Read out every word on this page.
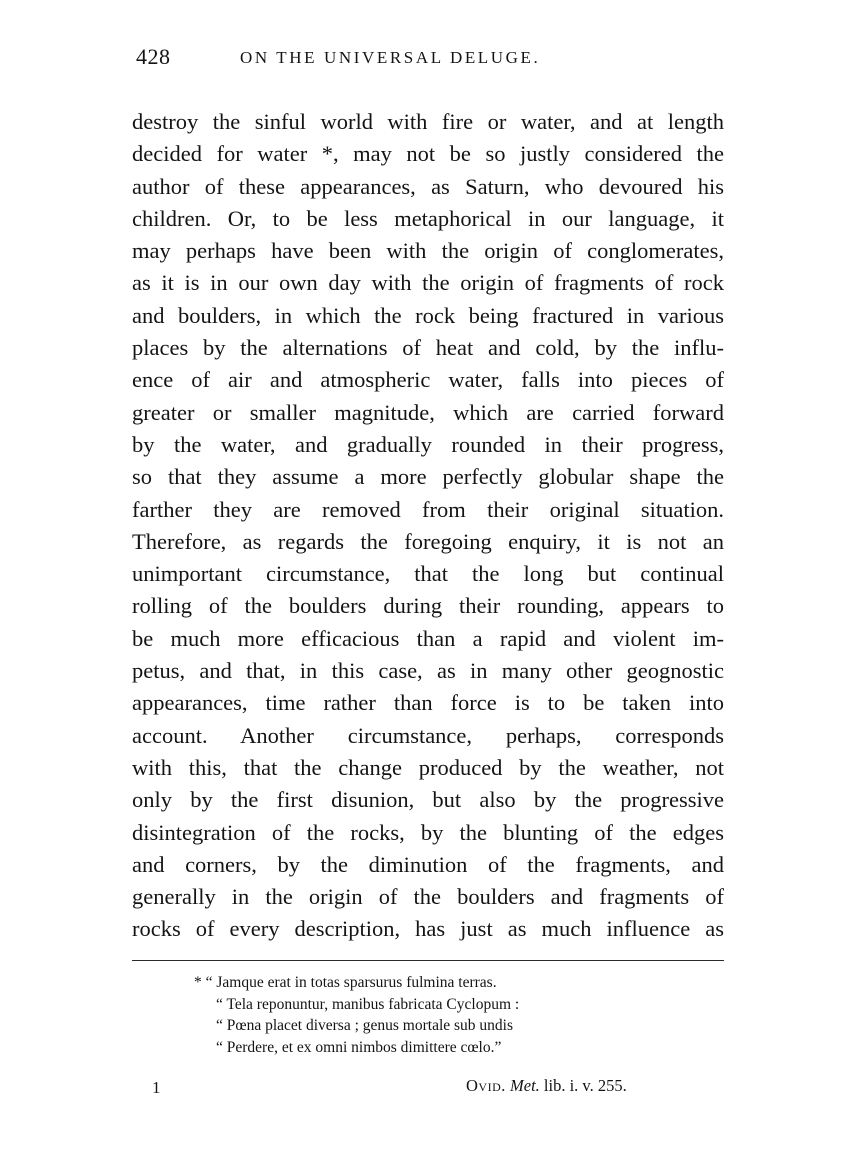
428	ON THE UNIVERSAL DELUGE.
destroy the sinful world with fire or water, and at length
decided for water *, may not be so justly considered the
author of these appearances, as Saturn, who devoured his
children. Or, to be less metaphorical in our language, it
may perhaps have been with the origin of conglomerates,
as it is in our own day with the origin of fragments of rock
and boulders, in which the rock being fractured in various
places by the alternations of heat and cold, by the influ-
ence of air and atmospheric water, falls into pieces of
greater or smaller magnitude, which are carried forward
by the water, and gradually rounded in their progress,
so that they assume a more perfectly globular shape the
farther they are removed from their original situation.
Therefore, as regards the foregoing enquiry, it is not an
unimportant circumstance, that the long but continual
rolling of the boulders during their rounding, appears to
be much more efficacious than a rapid and violent im-
petus, and that, in this case, as in many other geognostic
appearances, time rather than force is to be taken into
account. Another circumstance, perhaps, corresponds
with this, that the change produced by the weather, not
only by the first disunion, but also by the progressive
disintegration of the rocks, by the blunting of the edges
and corners, by the diminution of the fragments, and
generally in the origin of the boulders and fragments of
rocks of every description, has just as much influence as
* “ Jamque erat in totas sparsurus fulmina terras.
“ Tela reponuntur, manibus fabricata Cyclopum :
“ Pœna placet diversa ; genus mortale sub undis
“ Perdere, et ex omni nimbos dimittere cœlo.”
1	Ovid. Met. lib. i. v. 255.
